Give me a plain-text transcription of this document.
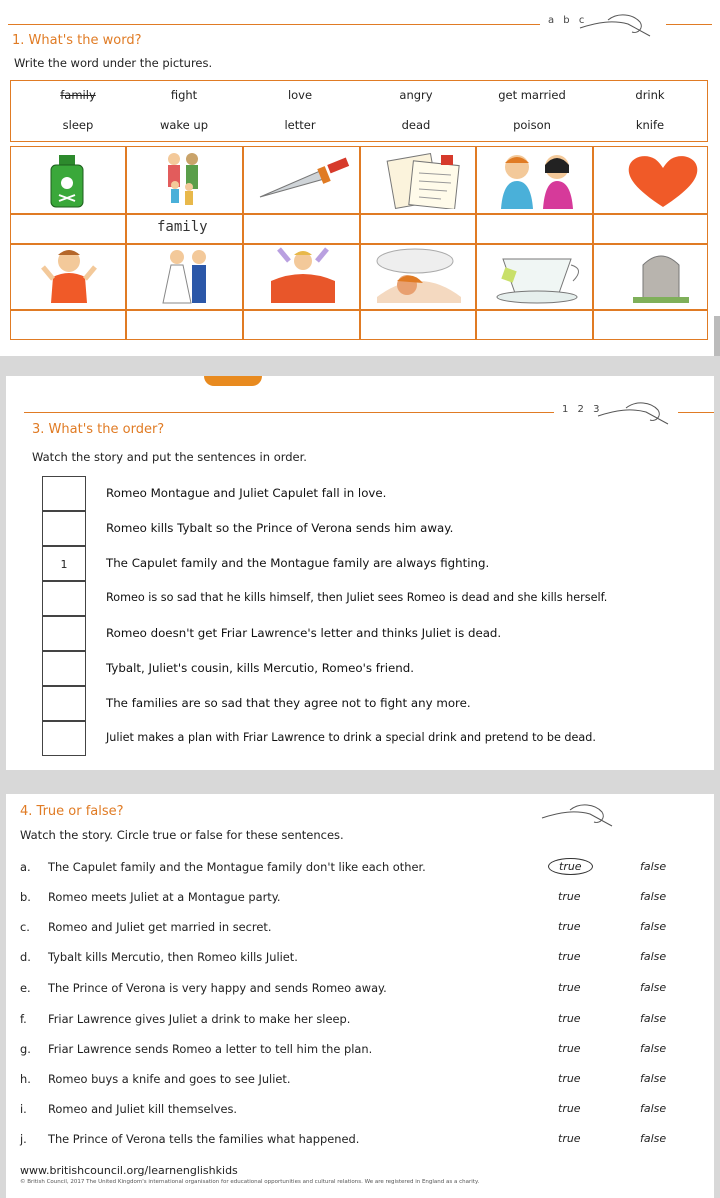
a b c
1. What's the word?
Write the word under the pictures.
family	fight	love	angry	get married	drink
sleep	wake up	letter	dead	poison	knife
family
1 2 3
3. What's the order?
Watch the story and put the sentences in order.
Romeo Montague and Juliet Capulet fall in love.
Romeo kills Tybalt so the Prince of Verona sends him away.
1	The Capulet family and the Montague family are always fighting.
Romeo is so sad that he kills himself, then Juliet sees Romeo is dead and she kills herself.
Romeo doesn't get Friar Lawrence's letter and thinks Juliet is dead.
Tybalt, Juliet's cousin, kills Mercutio, Romeo's friend.
The families are so sad that they agree not to fight any more.
Juliet makes a plan with Friar Lawrence to drink a special drink and pretend to be dead.
4. True or false?
Watch the story. Circle true or false for these sentences.
a. The Capulet family and the Montague family don't like each other.	true	false
b. Romeo meets Juliet at a Montague party.	true	false
c. Romeo and Juliet get married in secret.	true	false
d. Tybalt kills Mercutio, then Romeo kills Juliet.	true	false
e. The Prince of Verona is very happy and sends Romeo away.	true	false
f. Friar Lawrence gives Juliet a drink to make her sleep.	true	false
g. Friar Lawrence sends Romeo a letter to tell him the plan.	true	false
h. Romeo buys a knife and goes to see Juliet.	true	false
i. Romeo and Juliet kill themselves.	true	false
j. The Prince of Verona tells the families what happened.	true	false
www.britishcouncil.org/learnenglishkids
© British Council, 2017 The United Kingdom's international organisation for educational opportunities and cultural relations. We are registered in England as a charity.
